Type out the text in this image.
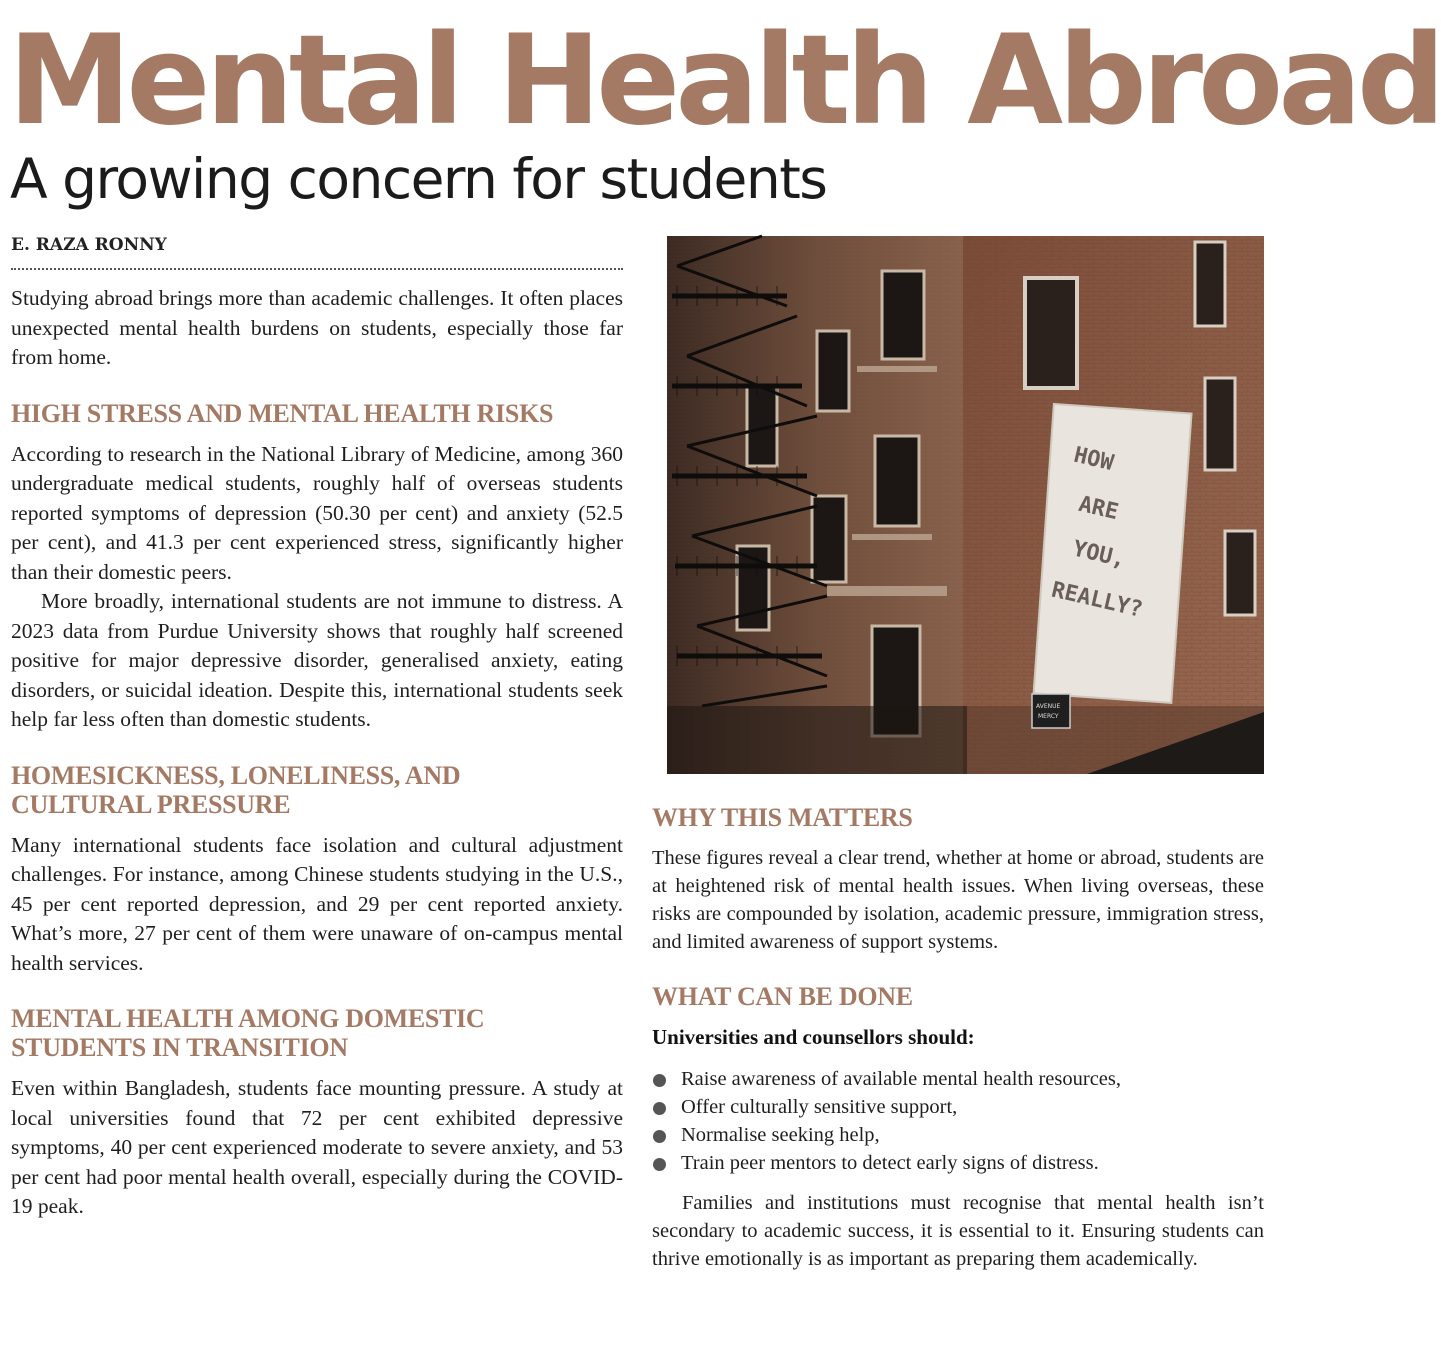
Mental Health Abroad
A growing concern for students
E. RAZA RONNY

Studying abroad brings more than academic challenges. It often places unexpected mental health burdens on students, especially those far from home.

HIGH STRESS AND MENTAL HEALTH RISKS

According to research in the National Library of Medicine, among 360 undergraduate medical students, roughly half of overseas students reported symptoms of depression (50.30 per cent) and anxiety (52.5 per cent), and 41.3 per cent experienced stress, significantly higher than their domestic peers.

More broadly, international students are not immune to distress. A 2023 data from Purdue University shows that roughly half screened positive for major depressive disorder, generalised anxiety, eating disorders, or suicidal ideation. Despite this, international students seek help far less often than domestic students.

HOMESICKNESS, LONELINESS, AND
CULTURAL PRESSURE

Many international students face isolation and cultural adjustment challenges. For instance, among Chinese students studying in the U.S., 45 per cent reported depression, and 29 per cent reported anxiety. What’s more, 27 per cent of them were unaware of on-campus mental health services.

MENTAL HEALTH AMONG DOMESTIC
STUDENTS IN TRANSITION

Even within Bangladesh, students face mounting pressure. A study at local universities found that 72 per cent exhibited depressive symptoms, 40 per cent experienced moderate to severe anxiety, and 53 per cent had poor mental health overall, especially during the COVID-19 peak.

HOW
ARE
YOU,
REALLY?
AVENUE
MERCY
WHY THIS MATTERS

These figures reveal a clear trend, whether at home or abroad, students are at heightened risk of mental health issues. When living overseas, these risks are compounded by isolation, academic pressure, immigration stress, and limited awareness of support systems.

WHAT CAN BE DONE

Universities and counsellors should:

Raise awareness of available mental health resources,
Offer culturally sensitive support,
Normalise seeking help,
Train peer mentors to detect early signs of distress.

Families and institutions must recognise that mental health isn’t secondary to academic success, it is essential to it. Ensuring students can thrive emotionally is as important as preparing them academically.
